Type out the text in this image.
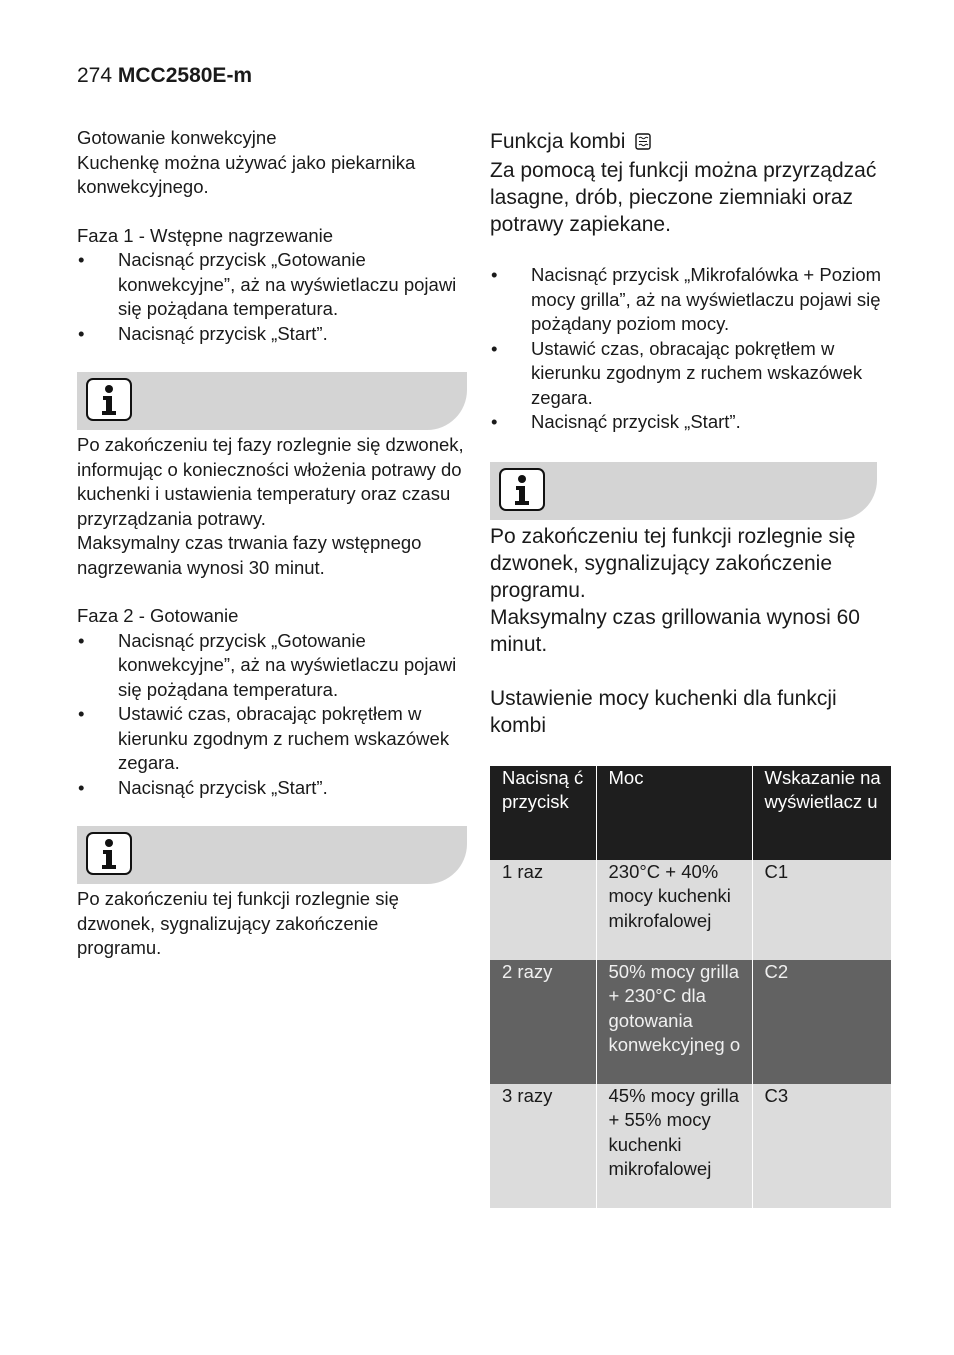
274 MCC2580E-m

Gotowanie konwekcyjne

Kuchenkę można używać jako piekarnika konwekcyjnego.

Faza 1 - Wstępne nagrzewanie

• Nacisnąć przycisk „Gotowanie konwekcyjne”, aż na wyświetlaczu pojawi się pożądana temperatura.
• Nacisnąć przycisk „Start”.

Po zakończeniu tej fazy rozlegnie się dzwonek, informując o konieczności włożenia potrawy do kuchenki i ustawienia temperatury oraz czasu przyrządzania potrawy.

Maksymalny czas trwania fazy wstępnego nagrzewania wynosi 30 minut.

Faza 2 - Gotowanie

• Nacisnąć przycisk „Gotowanie konwekcyjne”, aż na wyświetlaczu pojawi się pożądana temperatura.
• Ustawić czas, obracając pokrętłem w kierunku zgodnym z ruchem wskazówek zegara.
• Nacisnąć przycisk „Start”.

Po zakończeniu tej funkcji rozlegnie się dzwonek, sygnalizujący zakończenie programu.

Funkcja kombi

Za pomocą tej funkcji można przyrządzać lasagne, drób, pieczone ziemniaki oraz potrawy zapiekane.

• Nacisnąć przycisk „Mikrofalówka + Poziom mocy grilla”, aż na wyświetlaczu pojawi się pożądany poziom mocy.
• Ustawić czas, obracając pokrętłem w kierunku zgodnym z ruchem wskazówek zegara.
• Nacisnąć przycisk „Start”.

Po zakończeniu tej funkcji rozlegnie się dzwonek, sygnalizujący zakończenie programu.

Maksymalny czas grillowania wynosi 60 minut.

Ustawienie mocy kuchenki dla funkcji kombi

Nacisną ć przycisk	Moc	Wskazanie na wyświetlacz u
1 raz	230°C + 40% mocy kuchenki mikrofalowej	C1
2 razy	50% mocy grilla + 230°C dla gotowania konwekcyjneg o	C2
3 razy	45% mocy grilla + 55% mocy kuchenki mikrofalowej	C3
